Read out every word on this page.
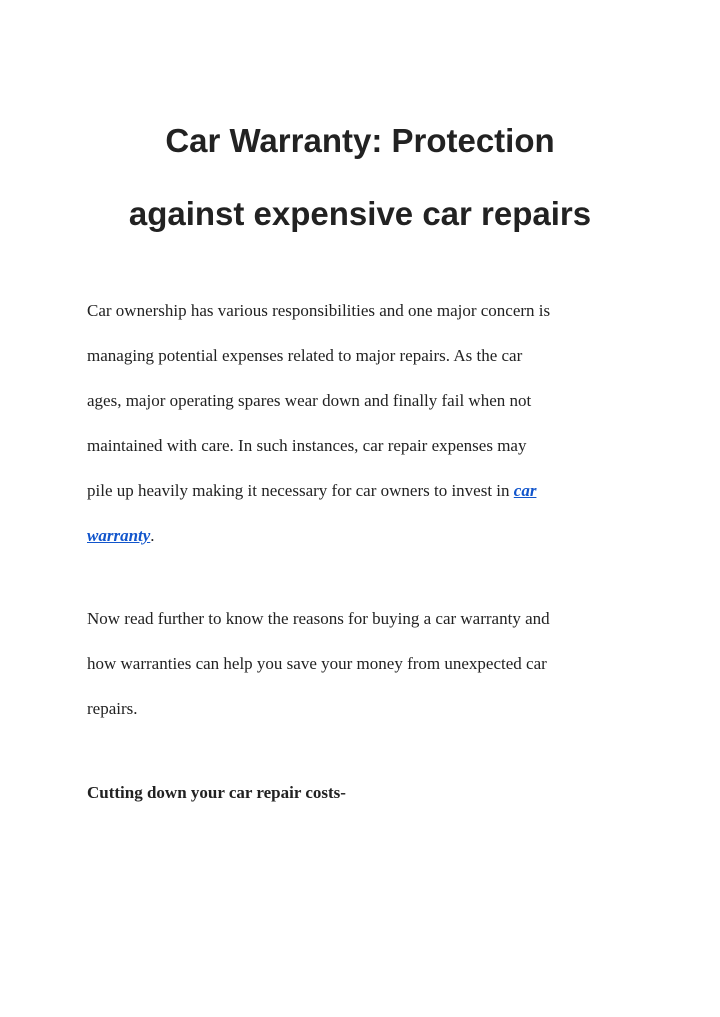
Car Warranty: Protection
against expensive car repairs

Car ownership has various responsibilities and one major concern is
managing potential expenses related to major repairs. As the car
ages, major operating spares wear down and finally fail when not
maintained with care. In such instances, car repair expenses may
pile up heavily making it necessary for car owners to invest in car
warranty.

Now read further to know the reasons for buying a car warranty and
how warranties can help you save your money from unexpected car
repairs.

Cutting down your car repair costs-
